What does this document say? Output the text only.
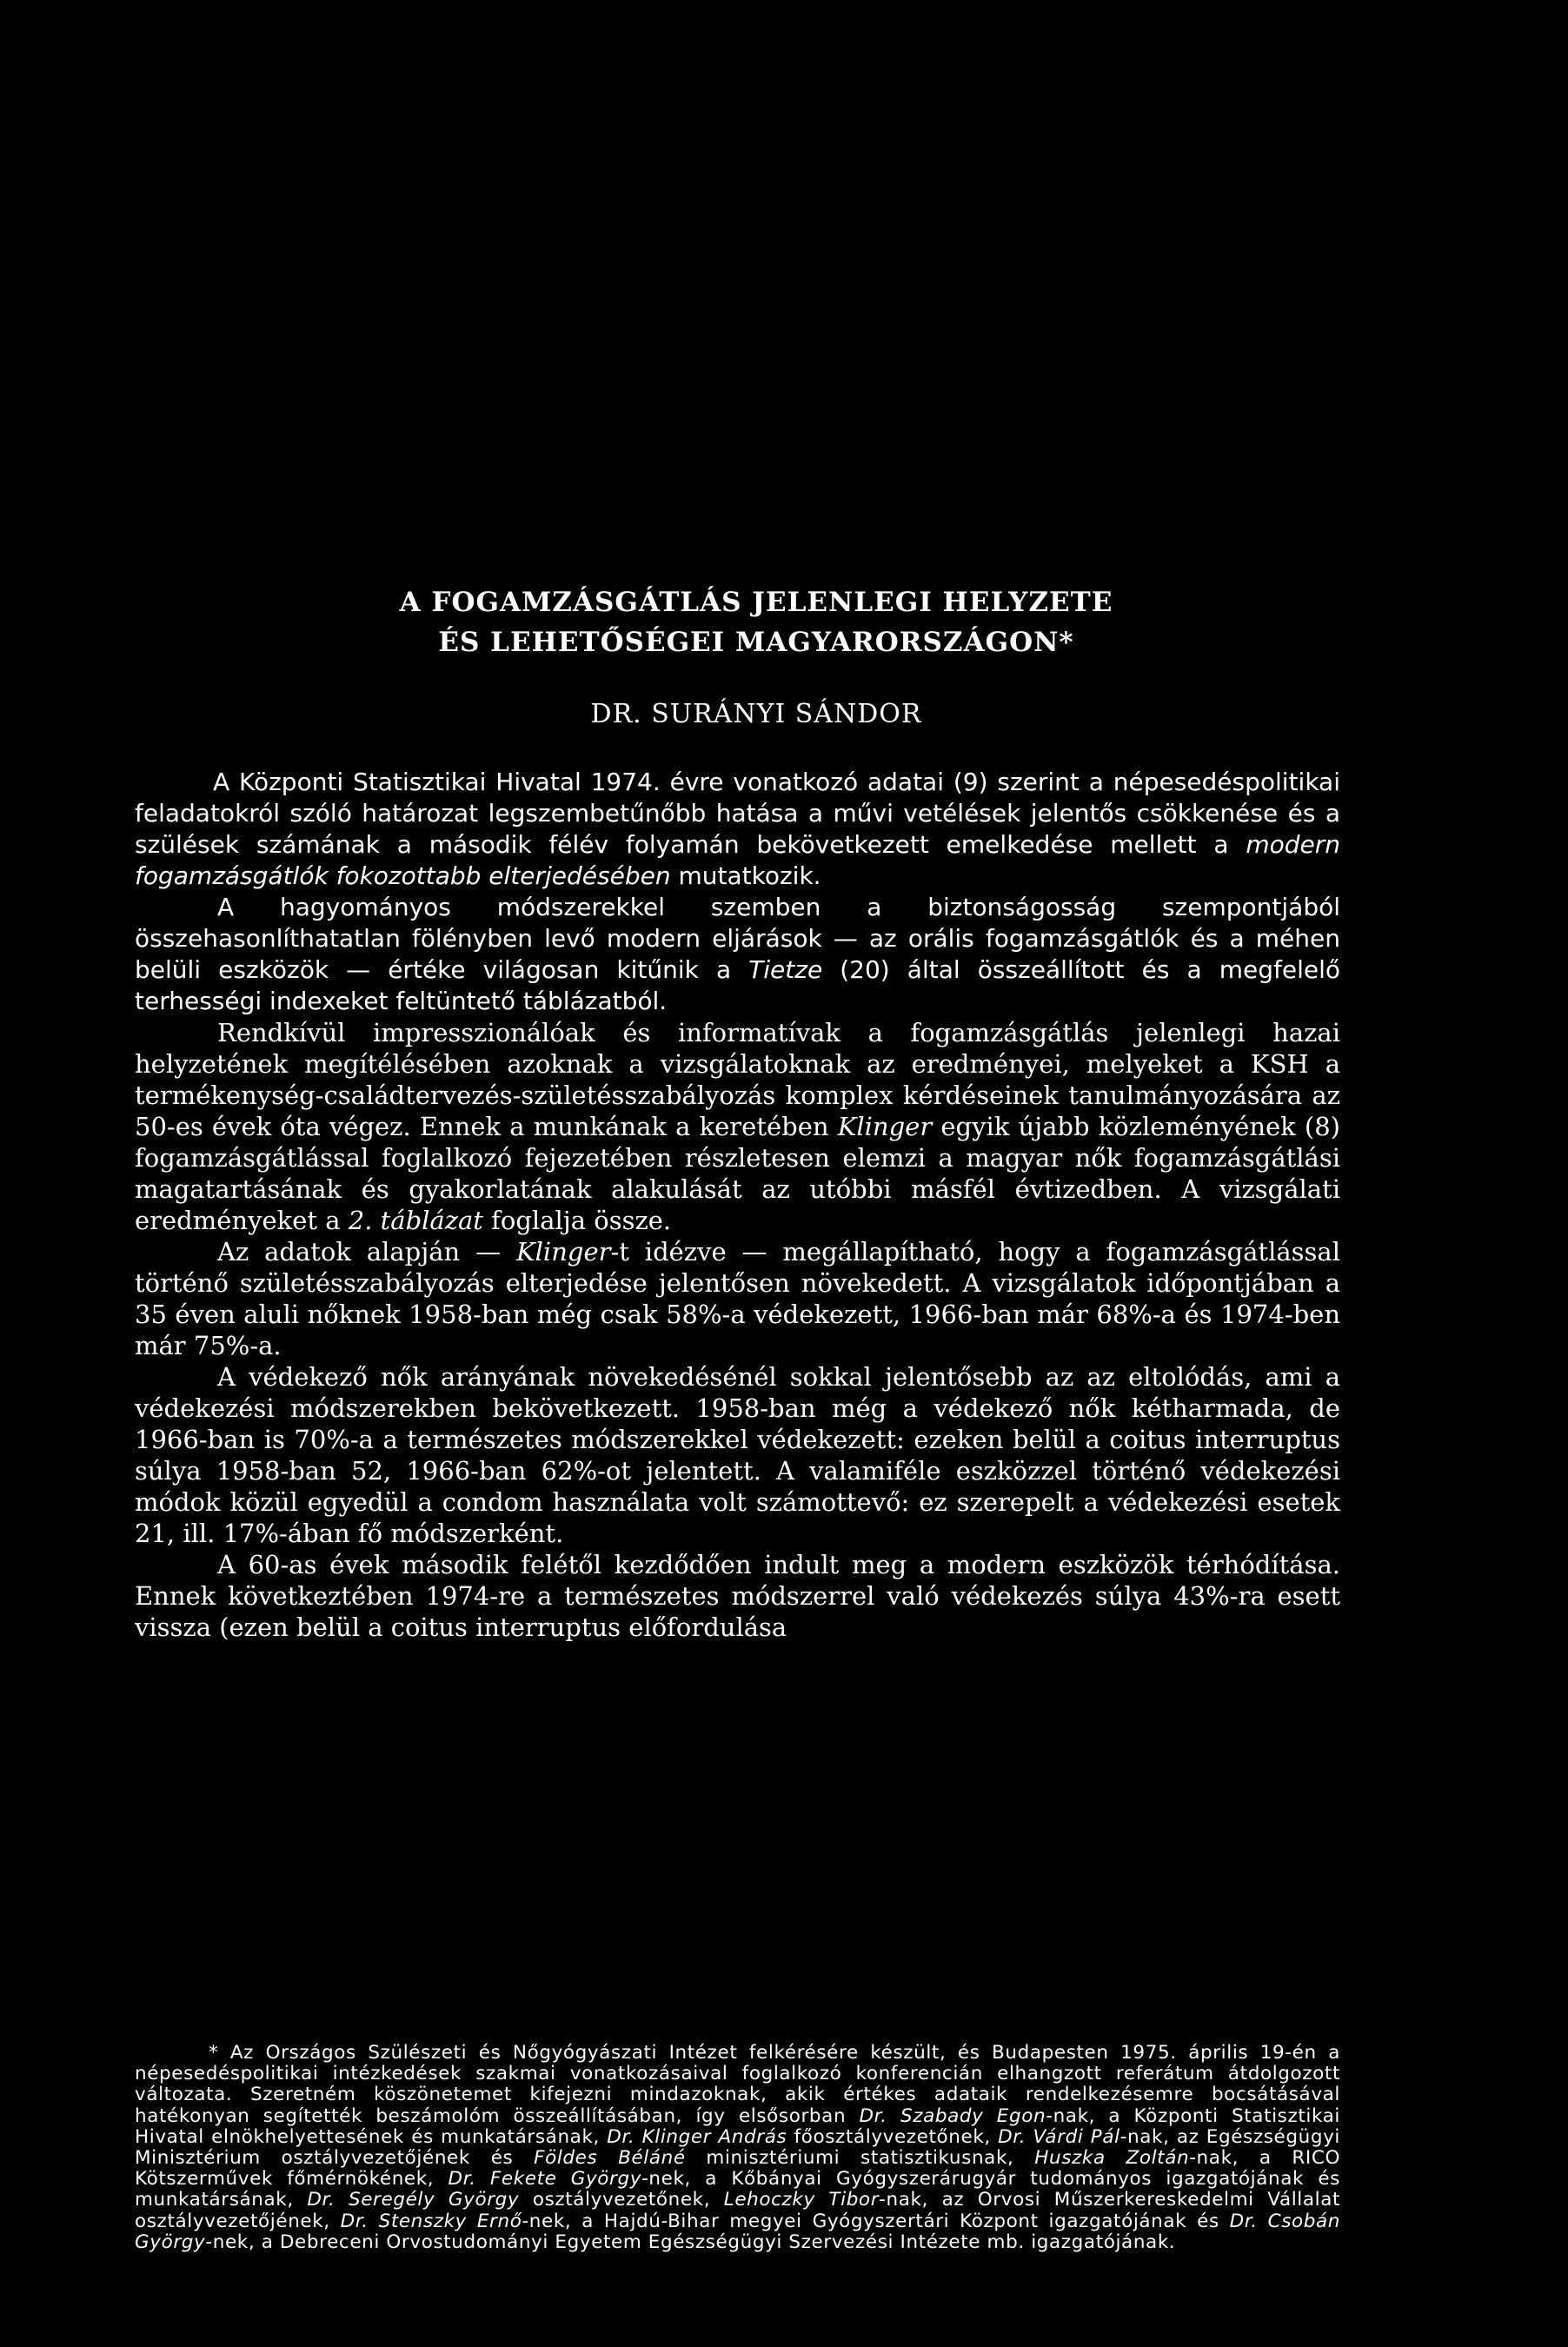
A FOGAMZÁSGÁTLÁS JELENLEGI HELYZETE
ÉS LEHETŐSÉGEI MAGYARORSZÁGON*
DR. SURÁNYI SÁNDOR

A Központi Statisztikai Hivatal 1974. évre vonatkozó adatai (9) szerint a népesedéspolitikai feladatokról szóló határozat legszembetűnőbb hatása a művi vetélések jelentős csökkenése és a szülések számának a második félév folyamán bekövetkezett emelkedése mellett a modern fogamzásgátlók fokozottabb elterjedésében mutatkozik.

A hagyományos módszerekkel szemben a biztonságosság szempontjából összehasonlíthatatlan fölényben levő modern eljárások — az orális fogamzásgátlók és a méhen belüli eszközök — értéke világosan kitűnik a Tietze (20) által összeállított és a megfelelő terhességi indexeket feltüntető táblázatból.

Rendkívül impresszionálóak és informatívak a fogamzásgátlás jelenlegi hazai helyzetének megítélésében azoknak a vizsgálatoknak az eredményei, melyeket a KSH a termékenység-családtervezés-születésszabályozás komplex kérdéseinek tanulmányozására az 50-es évek óta végez. Ennek a munkának a keretében Klinger egyik újabb közleményének (8) fogamzásgátlással foglalkozó fejezetében részletesen elemzi a magyar nők fogamzásgátlási magatartásának és gyakorlatának alakulását az utóbbi másfél évtizedben. A vizsgálati eredményeket a 2. táblázat foglalja össze.

Az adatok alapján — Klinger-t idézve — megállapítható, hogy a fogamzásgátlással történő születésszabályozás elterjedése jelentősen növekedett. A vizsgálatok időpontjában a 35 éven aluli nőknek 1958-ban még csak 58%-a védekezett, 1966-ban már 68%-a és 1974-ben már 75%-a.

A védekező nők arányának növekedésénél sokkal jelentősebb az az eltolódás, ami a védekezési módszerekben bekövetkezett. 1958-ban még a védekező nők kétharmada, de 1966-ban is 70%-a a természetes módszerekkel védekezett: ezeken belül a coitus interruptus súlya 1958-ban 52, 1966-ban 62%-ot jelentett. A valamiféle eszközzel történő védekezési módok közül egyedül a condom használata volt számottevő: ez szerepelt a védekezési esetek 21, ill. 17%-ában fő módszerként.

A 60-as évek második felétől kezdődően indult meg a modern eszközök térhódítása. Ennek következtében 1974-re a természetes módszerrel való védekezés súlya 43%-ra esett vissza (ezen belül a coitus interruptus előfordulása

* Az Országos Szülészeti és Nőgyógyászati Intézet felkérésére készült, és Budapesten 1975. április 19-én a népesedéspolitikai intézkedések szakmai vonatkozásaival foglalkozó konferencián elhangzott referátum átdolgozott változata. Szeretném köszönetemet kifejezni mindazoknak, akik értékes adataik rendelkezésemre bocsátásával hatékonyan segítették beszámolóm összeállításában, így elsősorban Dr. Szabady Egon-nak, a Központi Statisztikai Hivatal elnökhelyettesének és munkatársának, Dr. Klinger András főosztályvezetőnek, Dr. Várdi Pál-nak, az Egészségügyi Minisztérium osztályvezetőjének és Földes Béláné minisztériumi statisztikusnak, Huszka Zoltán-nak, a RICO Kötszerművek főmérnökének, Dr. Fekete György-nek, a Kőbányai Gyógyszerárugyár tudományos igazgatójának és munkatársának, Dr. Seregély György osztályvezetőnek, Lehoczky Tibor-nak, az Orvosi Műszerkereskedelmi Vállalat osztályvezetőjének, Dr. Stenszky Ernő-nek, a Hajdú-Bihar megyei Gyógyszertári Központ igazgatójának és Dr. Csobán György-nek, a Debreceni Orvostudományi Egyetem Egészségügyi Szervezési Intézete mb. igazgatójának.
